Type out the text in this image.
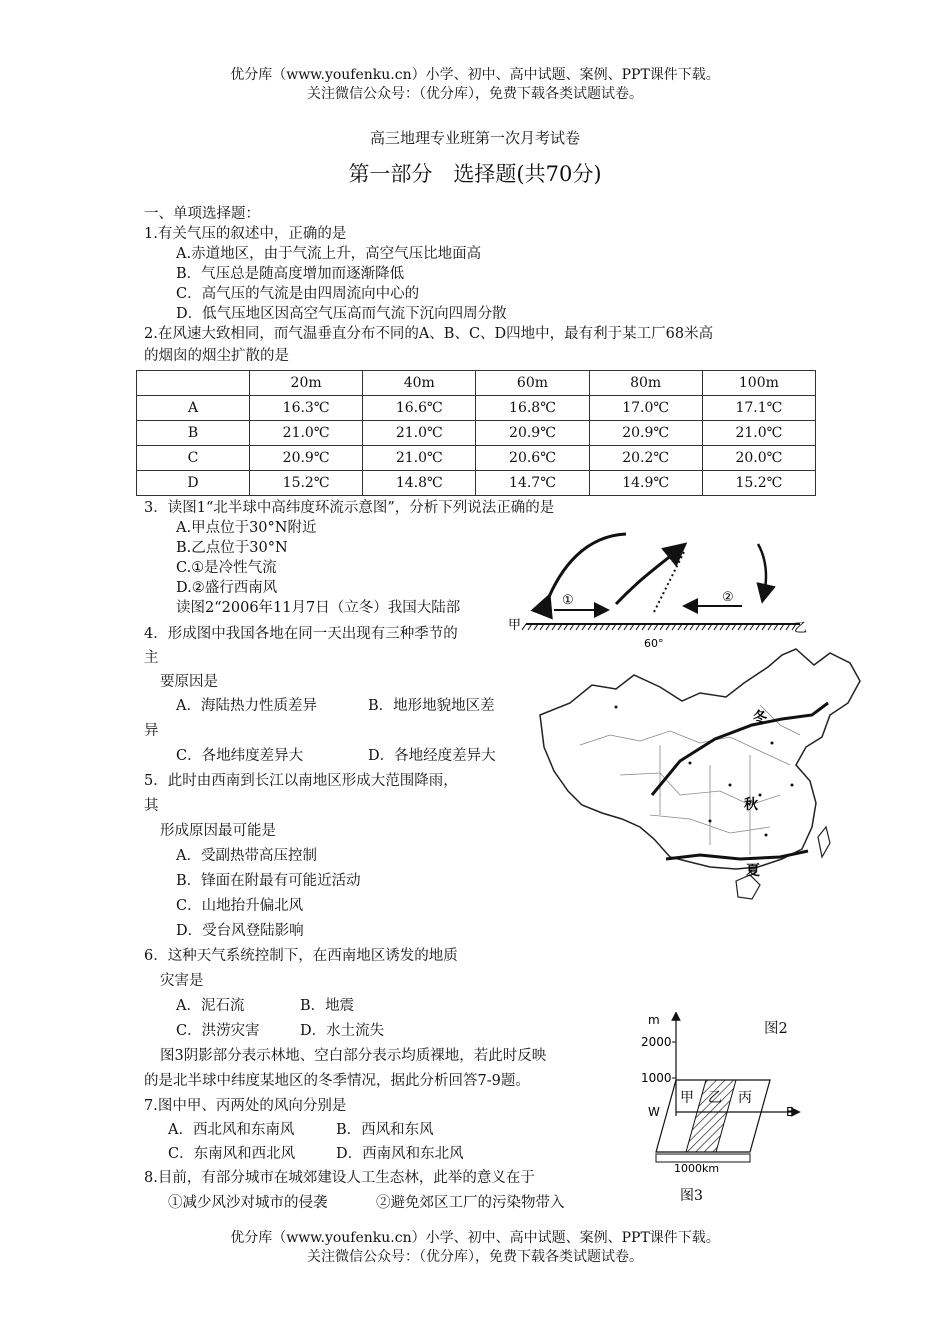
优分库（www.youfenku.cn）小学、初中、高中试题、案例、PPT课件下载。
关注微信公众号：（优分库），免费下载各类试题试卷。
高三地理专业班第一次月考试卷
第一部分　选择题(共70分)
一、单项选择题：
1.有关气压的叙述中，正确的是
A.赤道地区，由于气流上升，高空气压比地面高
B．气压总是随高度增加而逐渐降低
C．高气压的气流是由四周流向中心的
D．低气压地区因高空气压高而气流下沉向四周分散
2.在风速大致相同，而气温垂直分布不同的A、B、C、D四地中，最有利于某工厂68米高
的烟囱的烟尘扩散的是
	20m	40m	60m	80m	100m
A	16.3℃	16.6℃	16.8℃	17.0℃	17.1℃
B	21.0℃	21.0℃	20.9℃	20.9℃	21.0℃
C	20.9℃	21.0℃	20.6℃	20.2℃	20.0℃
D	15.2℃	14.8℃	14.7℃	14.9℃	15.2℃
3．读图1“北半球中高纬度环流示意图”，分析下列说法正确的是
A.甲点位于30°N附近
B.乙点位于30°N
C.①是冷性气流
D.②盛行西南风
读图2“2006年11月7日（立冬）我国大陆部	①	②
甲	乙
60°
4．形成图中我国各地在同一天出现有三种季节的
主
要原因是
A．海陆热力性质差异	B．地形地貌地区差
异
C．各地纬度差异大	D．各地经度差异大
5．此时由西南到长江以南地区形成大范围降雨，
其
形成原因最可能是
A．受副热带高压控制
B．锋面在附最有可能近活动
C．山地抬升偏北风
D．受台风登陆影响
冬
秋
夏
6．这种天气系统控制下，在西南地区诱发的地质
灾害是
A．泥石流	B．地震
C．洪涝灾害	D．水土流失	图2
图3阴影部分表示林地、空白部分表示均质裸地，若此时反映
的是北半球中纬度某地区的冬季情况，据此分析回答7-9题。
7.图中甲、丙两处的风向分别是
A．西北风和东南风	B．西风和东风
C．东南风和西北风	D．西南风和东北风
8.目前，有部分城市在城郊建设人工生态林，此举的意义在于
①减少风沙对城市的侵袭	②避免郊区工厂的污染物带入
m
2000
1000
W	E
甲 乙 丙
1000km
图3
优分库（www.youfenku.cn）小学、初中、高中试题、案例、PPT课件下载。
关注微信公众号：（优分库），免费下载各类试题试卷。
